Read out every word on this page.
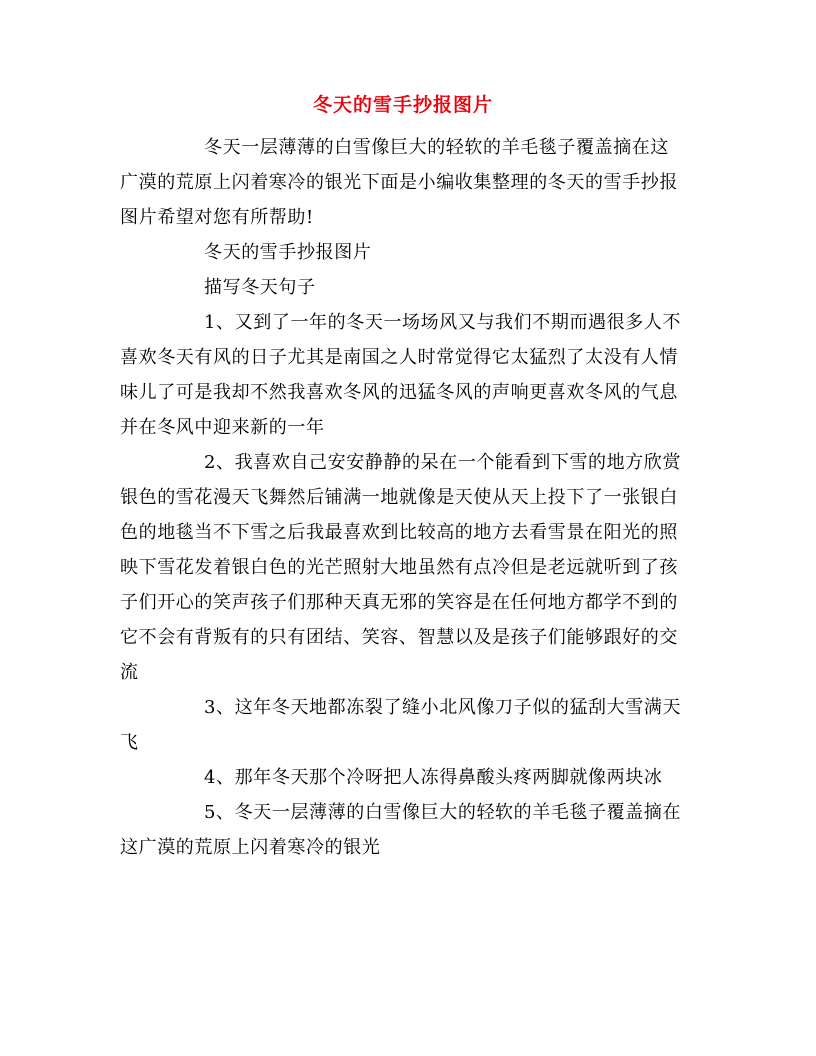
冬天的雪手抄报图片

冬天一层薄薄的白雪像巨大的轻软的羊毛毯子覆盖摘在这广漠的荒原上闪着寒冷的银光下面是小编收集整理的冬天的雪手抄报图片希望对您有所帮助!

冬天的雪手抄报图片

描写冬天句子

1、又到了一年的冬天一场场风又与我们不期而遇很多人不喜欢冬天有风的日子尤其是南国之人时常觉得它太猛烈了太没有人情味儿了可是我却不然我喜欢冬风的迅猛冬风的声响更喜欢冬风的气息并在冬风中迎来新的一年

2、我喜欢自己安安静静的呆在一个能看到下雪的地方欣赏银色的雪花漫天飞舞然后铺满一地就像是天使从天上投下了一张银白色的地毯当不下雪之后我最喜欢到比较高的地方去看雪景在阳光的照映下雪花发着银白色的光芒照射大地虽然有点冷但是老远就听到了孩子们开心的笑声孩子们那种天真无邪的笑容是在任何地方都学不到的它不会有背叛有的只有团结、笑容、智慧以及是孩子们能够跟好的交流

3、这年冬天地都冻裂了缝小北风像刀子似的猛刮大雪满天飞

4、那年冬天那个冷呀把人冻得鼻酸头疼两脚就像两块冰

5、冬天一层薄薄的白雪像巨大的轻软的羊毛毯子覆盖摘在这广漠的荒原上闪着寒冷的银光
